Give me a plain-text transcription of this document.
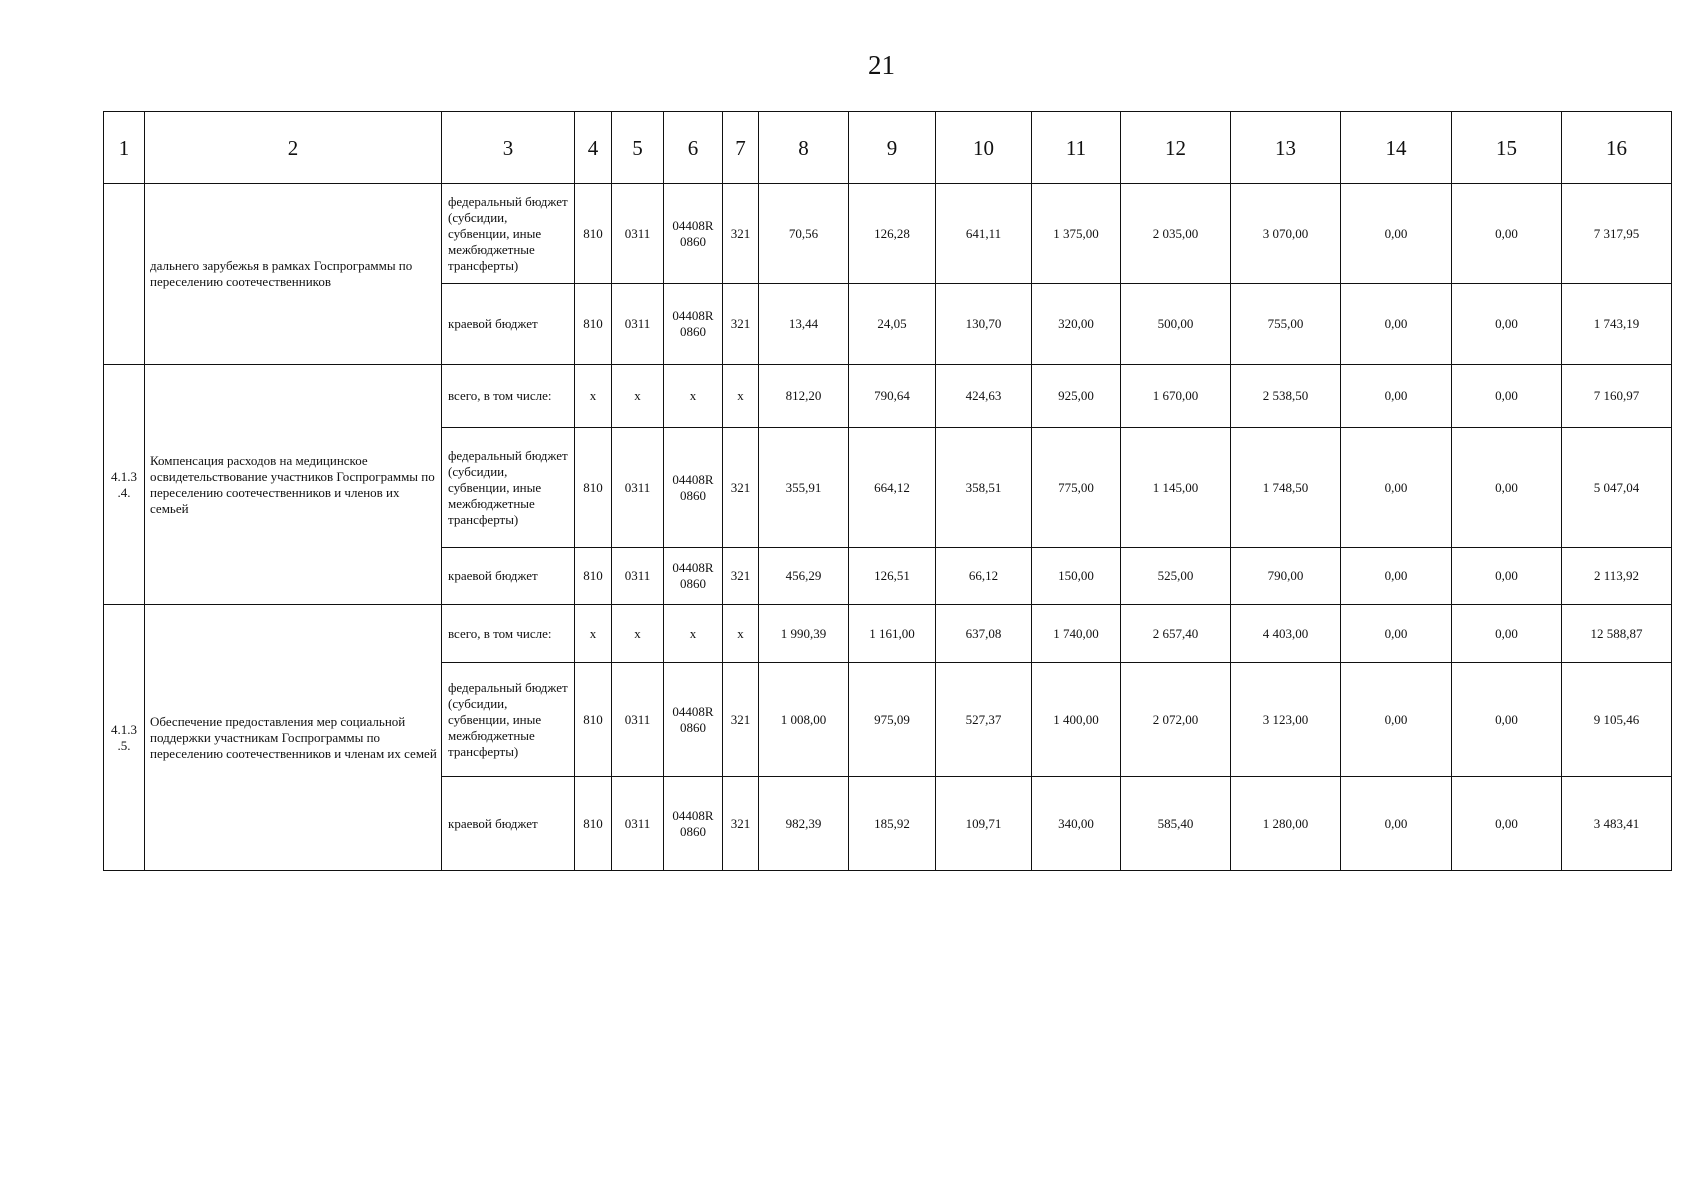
21
1	2	3	4	5	6	7	8	9	10	11	12	13	14	15	16
	дальнего зарубежья в рамках Госпрограммы по переселению соотечественников	федеральный бюджет (субсидии, субвенции, иные межбюджетные трансферты)	810	0311	04408R 0860	321	70,56	126,28	641,11	1 375,00	2 035,00	3 070,00	0,00	0,00	7 317,95
		краевой бюджет	810	0311	04408R 0860	321	13,44	24,05	130,70	320,00	500,00	755,00	0,00	0,00	1 743,19
4.1.3 .4.	Компенсация расходов на медицинское освидетельствование участников Госпрограммы по переселению соотечественников и членов их семьей	всего, в том числе:	x	x	x	x	812,20	790,64	424,63	925,00	1 670,00	2 538,50	0,00	0,00	7 160,97
		федеральный бюджет (субсидии, субвенции, иные межбюджетные трансферты)	810	0311	04408R 0860	321	355,91	664,12	358,51	775,00	1 145,00	1 748,50	0,00	0,00	5 047,04
		краевой бюджет	810	0311	04408R 0860	321	456,29	126,51	66,12	150,00	525,00	790,00	0,00	0,00	2 113,92
4.1.3 .5.	Обеспечение предоставления мер социальной поддержки участникам Госпрограммы по переселению соотечественников и членам их семей	всего, в том числе:	x	x	x	x	1 990,39	1 161,00	637,08	1 740,00	2 657,40	4 403,00	0,00	0,00	12 588,87
		федеральный бюджет (субсидии, субвенции, иные межбюджетные трансферты)	810	0311	04408R 0860	321	1 008,00	975,09	527,37	1 400,00	2 072,00	3 123,00	0,00	0,00	9 105,46
		краевой бюджет	810	0311	04408R 0860	321	982,39	185,92	109,71	340,00	585,40	1 280,00	0,00	0,00	3 483,41
